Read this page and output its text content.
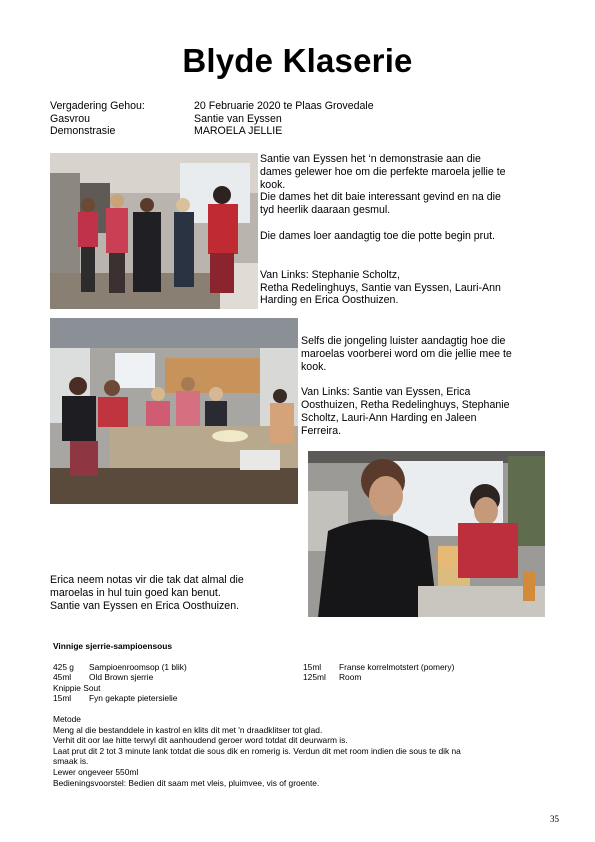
Blyde Klaserie
Vergadering Gehou:	20 Februarie 2020 te Plaas Grovedale
Gasvrou	Santie van Eyssen
Demonstrasie	MAROELA JELLIE

Santie van Eyssen het ‘n demonstrasie aan die

dames gelewer hoe om die perfekte maroela jellie te

kook.

Die dames het dit baie interessant gevind en na die

tyd heerlik daaraan gesmul.

Die dames loer aandagtig toe die potte begin prut.

Van Links: Stephanie Scholtz,

Retha Redelinghuys, Santie van Eyssen, Lauri-Ann

Harding en Erica Oosthuizen.

Selfs die jongeling luister aandagtig hoe die

maroelas voorberei word om die jellie mee te

kook.

Van Links: Santie van Eyssen, Erica

Oosthuizen, Retha Redelinghuys, Stephanie

Scholtz, Lauri-Ann Harding en Jaleen

Ferreira.

Erica neem notas vir die tak dat almal die

maroelas in hul tuin goed kan benut.

Santie van Eyssen en Erica Oosthuizen.

Vinnige sjerrie-sampioensous
425 g Sampioenroomsop (1 blik)
45ml Old Brown sjerrie
Knippie Sout
15ml Fyn gekapte pietersielie
15ml Franse korrelmotstert (pomery)
125ml Room
Metode
Meng al die bestanddele in kastrol en klits dit met 'n draadklitser tot glad.
Verhit dit oor lae hitte terwyl dit aanhoudend geroer word totdat dit deurwarm is.
Laat prut dit 2 tot 3 minute lank totdat die sous dik en romerig is. Verdun dit met room indien die sous te dik na
smaak is.
Lewer ongeveer 550ml
Bedieningsvoorstel: Bedien dit saam met vleis, pluimvee, vis of groente.
35
